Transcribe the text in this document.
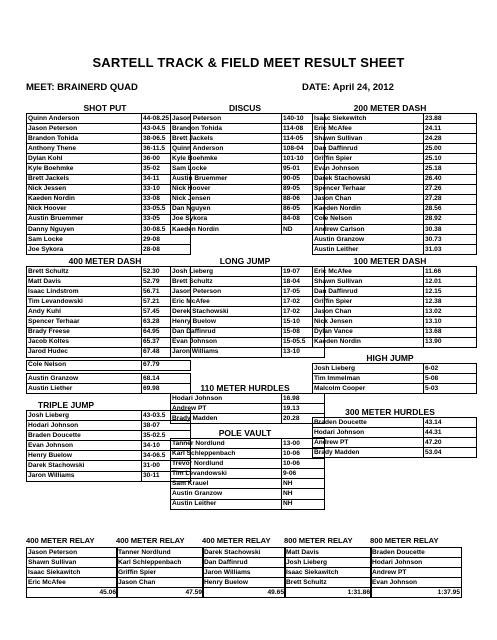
SARTELL TRACK & FIELD MEET RESULT SHEET
MEET: BRAINERD QUAD	DATE: April 24, 2012
SHOT PUT
Quinn Anderson	44-08.25
Jason Peterson	43-04.5
Brandon Tohida	38-06.5
Anthony Thene	36-11.5
Dylan Kohl	36-00
Kyle Boehmke	35-02
Brett Jackels	34-11
Nick Jessen	33-10
Kaeden Nordin	33-08
Nick Hoover	33-05.5
Austin Bruemmer	33-05
Danny Nguyen	30-08.5
Sam Locke	29-08
Joe Sykora	28-08
DISCUS
Jason Peterson	140-10
Brandon Tohida	114-08
Brett Jackels	114-05
Quinn Anderson	108-04
Kyle Boehmke	101-10
Sam Locke	95-01
Austin Bruemmer	90-05
Nick Hoover	89-05
Nick Jensen	88-06
Dan Nguyen	86-05
Joe Sykora	84-08
Kaeden Nordin	ND
200 METER DASH
Isaac Siekewitch	23.88
Eric McAfee	24.11
Shawn Sullivan	24.28
Dan Daffinrud	25.00
Griffin Spier	25.10
Evan Johnson	25.18
Darek Stachowski	26.40
Spencer Terhaar	27.26
Jason Chan	27.28
Kaeden Nordin	28.56
Cole Nelson	28.92
Andrew Carlson	30.38
Austin Granzow	30.73
Austin Leither	31.03
400 METER DASH
Brett Schultz	52.30
Matt Davis	52.79
Isaac Lindstrom	56.71
Tim Levandowski	57.21
Andy Kuhl	57.45
Spencer Terhaar	63.28
Brady Freese	64.95
Jacob Koltes	65.37
Jarod Hudec	67.48
Cole Nelson	67.79
Austin Granzow	68.14
Austin Liether	69.98
LONG JUMP
Josh Lieberg	19-07
Brett Schultz	18-04
Jason Peterson	17-05
Eric McAfee	17-02
Derek Stachowski	17-02
Henry Buelow	15-10
Dan Daffinrud	15-08
Evan Johnson	15-05.5
Jaron Williams	13-10
100 METER DASH
Eric McAfee	11.66
Shawn Sullivan	12.01
Dan Daffinrud	12.15
Griffin Spier	12.38
Jason Chan	13.02
Nick Jensen	13.10
Dylan Vance	13.68
Kaeden Nordin	13.90
HIGH JUMP
Josh Lieberg	6-02
Tim Immelman	5-08
Malcolm Cooper	5-03
110 METER HURDLES
Hodari Johnson	16.98
Andrew PT	19.13
Brady Madden	20.28
300 METER HURDLES
Braden Doucette	43.14
Hodari Johnson	44.31
Andrew PT	47.20
Brady Madden	53.04
TRIPLE JUMP
Josh Lieberg	43-03.5
Hodari Johnson	38-07
Braden Doucette	35-02.5
Evan Johnson	34-10
Henry Buelow	34-06.5
Darek Stachowski	31-00
Jaron Williams	30-11
POLE VAULT
Tanner Nordlund	13-00
Karl Schleppenbach	10-06
Trevor Nordlund	10-06
Tim Levandowski	9-06
Sam Krauel	NH
Austin Granzow	NH
Austin Leither	NH
400 METER RELAY
Jason Peterson
Shawn Sullivan
Isaac Siekawitch
Eric McAfee
45.06
400 METER RELAY
Tanner Nordlund
Karl Schleppenbach
Griffin Spier
Jason Chan
47.59
400 METER RELAY
Darek Stachowski
Dan Daffinrud
Jaron Williams
Henry Buelow
49.65
800 METER RELAY
Matt Davis
Josh Lieberg
Isaac Siekawitch
Brett Schultz
1:31.86
800 METER RELAY
Braden Doucette
Hodari Johnson
Andrew PT
Evan Johnson
1:37.95
